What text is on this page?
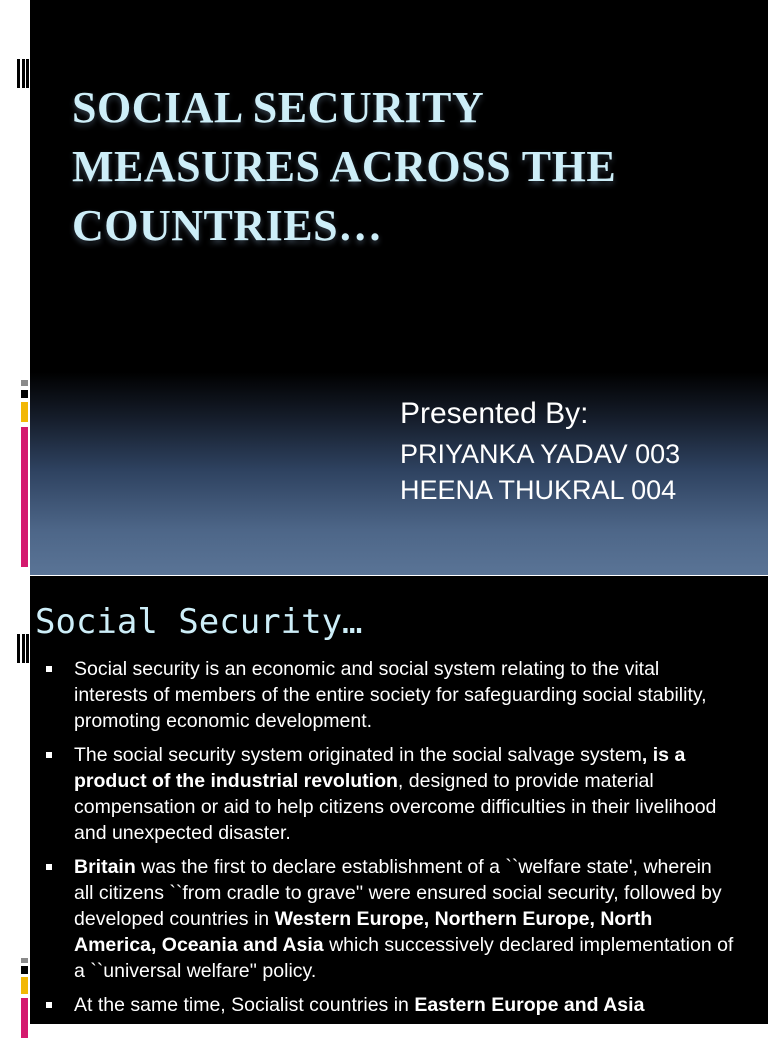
SOCIAL SECURITY
MEASURES ACROSS THE
COUNTRIES…
Presented By:
PRIYANKA YADAV 003
HEENA THUKRAL 004
Social Security…
Social security is an economic and social system relating to the vital interests of members of the entire society for safeguarding social stability, promoting economic development.
The social security system originated in the social salvage system, is a product of the industrial revolution, designed to provide material compensation or aid to help citizens overcome difficulties in their livelihood and unexpected disaster.
Britain was the first to declare establishment of a ``welfare state', wherein all citizens ``from cradle to grave'' were ensured social security, followed by developed countries in Western Europe, Northern Europe, North America, Oceania and Asia which successively declared implementation of a ``universal welfare'' policy.
At the same time, Socialist countries in Eastern Europe and Asia
